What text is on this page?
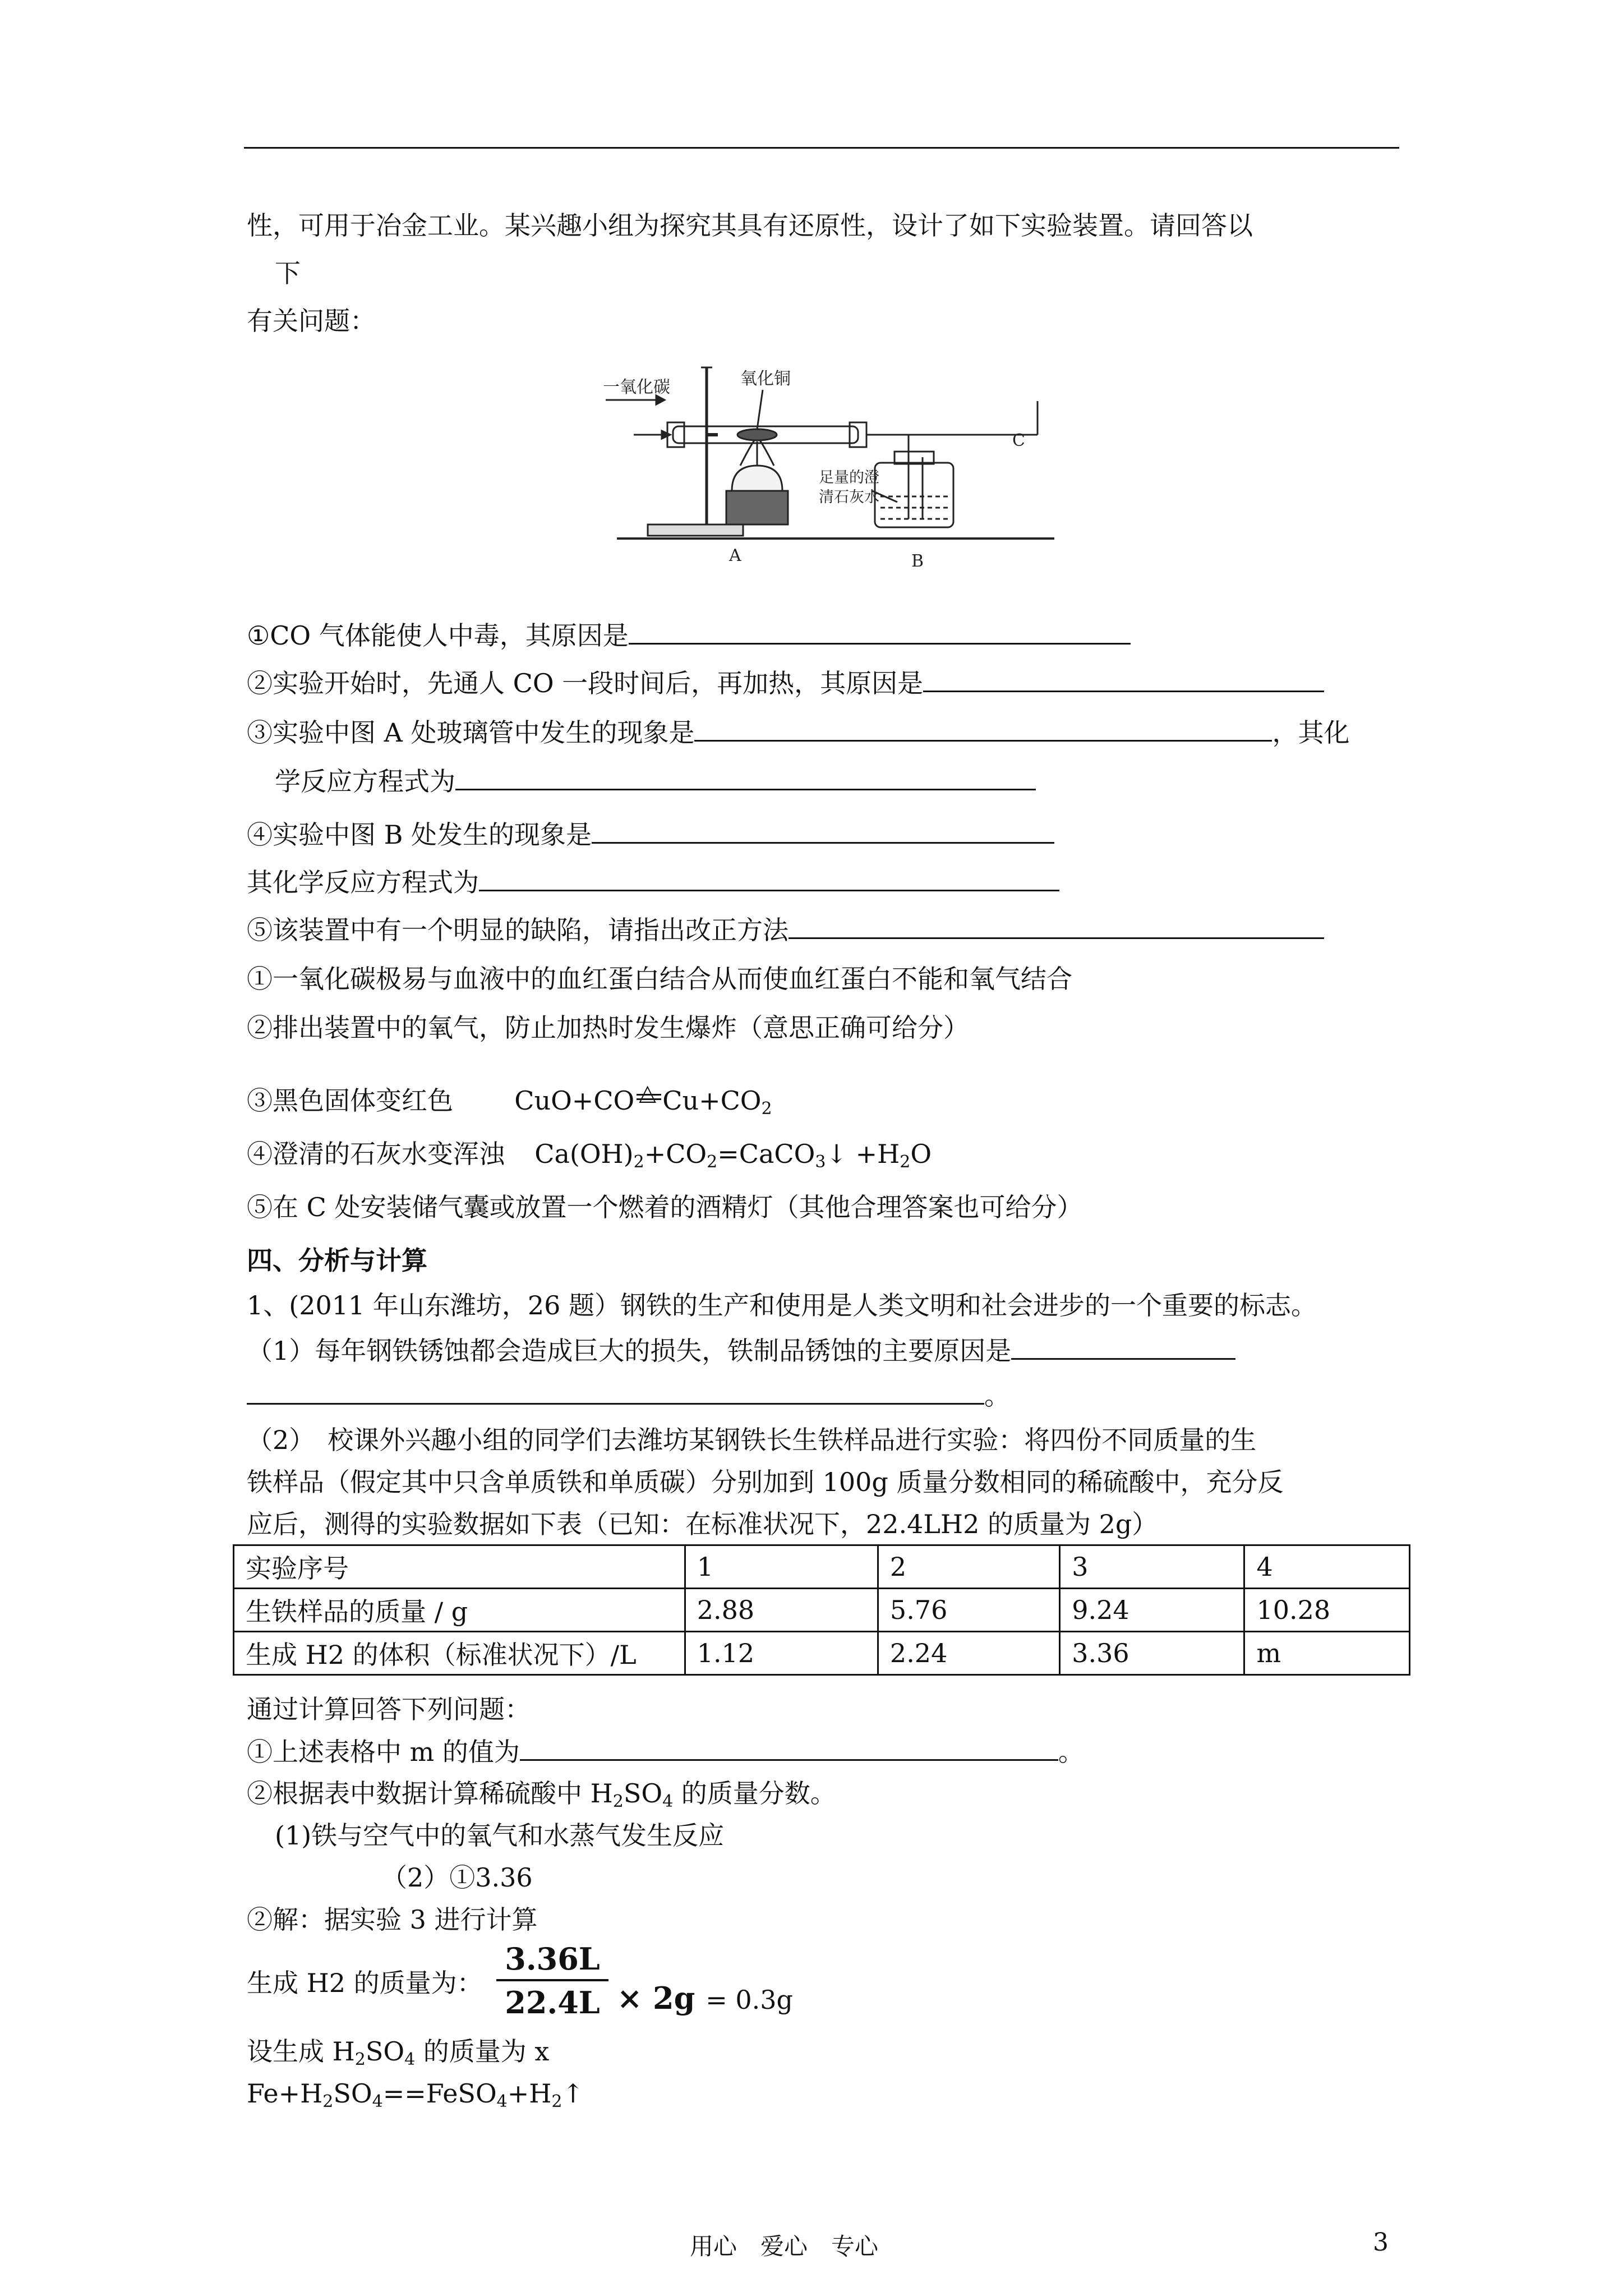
性，可用于冶金工业。某兴趣小组为探究其具有还原性，设计了如下实验装置。请回答以
下
有关问题：
一氧化碳	氧化铜
C
足量的澄
清石灰水
A	B
①CO 气体能使人中毒，其原因是
②实验开始时，先通人 CO 一段时间后，再加热，其原因是
③实验中图 A 处玻璃管中发生的现象是	，其化
学反应方程式为
④实验中图 B 处发生的现象是
其化学反应方程式为
⑤该装置中有一个明显的缺陷，请指出改正方法
①一氧化碳极易与血液中的血红蛋白结合从而使血红蛋白不能和氧气结合
②排出装置中的氧气，防止加热时发生爆炸（意思正确可给分）
③黑色固体变红色 CuO+CO △ $Cu+CO_2$
④澄清的石灰水变浑浊 $Ca(OH)_2+CO_2=CaCO_3↓ +H_2O$
⑤在 C 处安装储气囊或放置一个燃着的酒精灯（其他合理答案也可给分）
四、分析与计算
1、(2011 年山东潍坊，26 题）钢铁的生产和使用是人类文明和社会进步的一个重要的标志。
（1）每年钢铁锈蚀都会造成巨大的损失，铁制品锈蚀的主要原因是
。
（2）　校课外兴趣小组的同学们去潍坊某钢铁长生铁样品进行实验：将四份不同质量的生
铁样品（假定其中只含单质铁和单质碳）分别加到 100g 质量分数相同的稀硫酸中，充分反
应后，测得的实验数据如下表（已知：在标准状况下，22.4LH2 的质量为 2g）
实验序号	1	2	3	4
生铁样品的质量 / g	2.88	5.76	9.24	10.28
生成 H2 的体积（标准状况下）/L	1.12	2.24	3.36	m
通过计算回答下列问题：
①上述表格中 m 的值为	。
②根据表中数据计算稀硫酸中 $H_2SO_4$ 的质量分数。
(1)铁与空气中的氧气和水蒸气发生反应
（2）①3.36
②解：据实验 3 进行计算
生成 H2 的质量为： $\frac{3.36L}{22.4L} \times 2g = 0.3g$
设生成 $H_2SO_4$ 的质量为 x
$Fe+H_2SO_4==FeSO_4+H_2↑$
用心　爱心　专心	3
